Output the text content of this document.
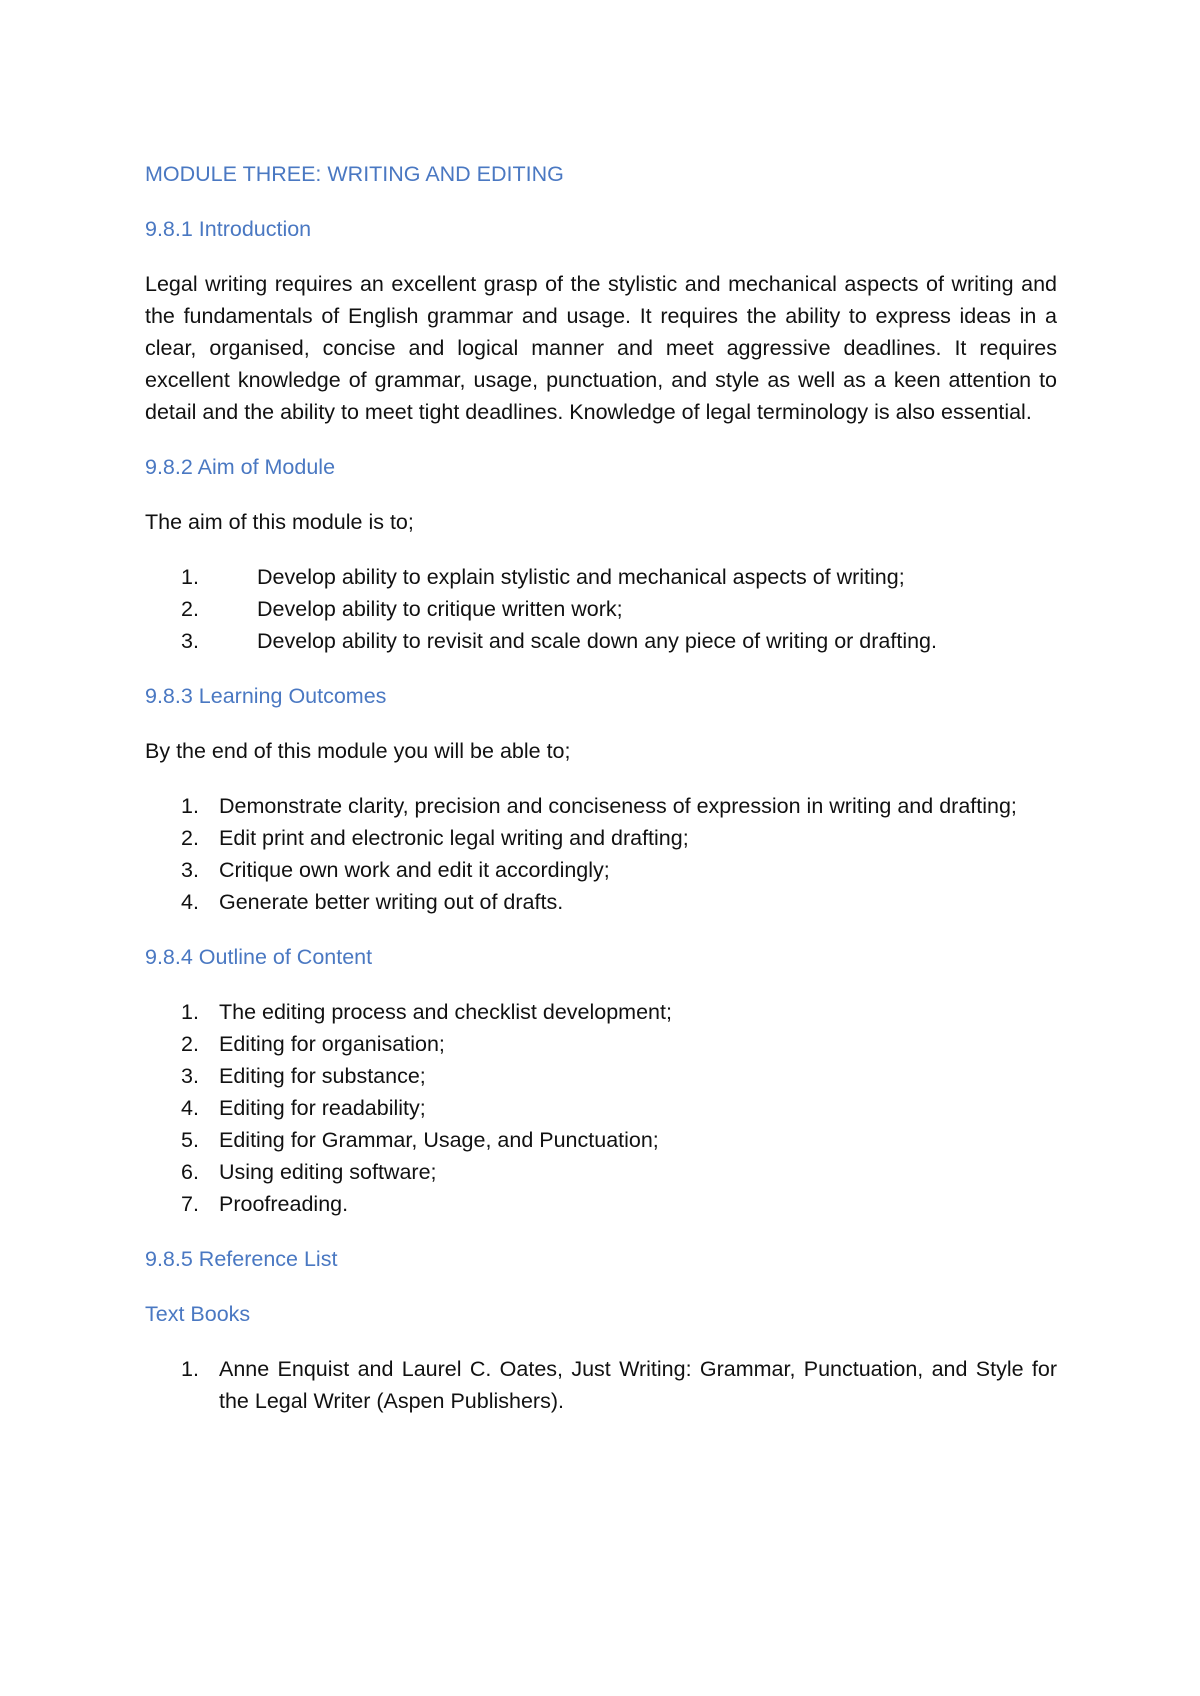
MODULE THREE: WRITING AND EDITING

9.8.1 Introduction

Legal writing requires an excellent grasp of the stylistic and mechanical aspects of writing and the fundamentals of English grammar and usage. It requires the ability to express ideas in a clear, organised, concise and logical manner and meet aggressive deadlines. It requires excellent knowledge of grammar, usage, punctuation, and style as well as a keen attention to detail and the ability to meet tight deadlines. Knowledge of legal terminology is also essential.

9.8.2 Aim of Module

The aim of this module is to;

1.	Develop ability to explain stylistic and mechanical aspects of writing;
2.	Develop ability to critique written work;
3.	Develop ability to revisit and scale down any piece of writing or drafting.

9.8.3 Learning Outcomes

By the end of this module you will be able to;

1. Demonstrate clarity, precision and conciseness of expression in writing and drafting;
2. Edit print and electronic legal writing and drafting;
3. Critique own work and edit it accordingly;
4. Generate better writing out of drafts.

9.8.4 Outline of Content

1. The editing process and checklist development;
2. Editing for organisation;
3. Editing for substance;
4. Editing for readability;
5. Editing for Grammar, Usage, and Punctuation;
6. Using editing software;
7. Proofreading.

9.8.5 Reference List

Text Books

1. Anne Enquist and Laurel C. Oates, Just Writing: Grammar, Punctuation, and Style for the Legal Writer (Aspen Publishers).
